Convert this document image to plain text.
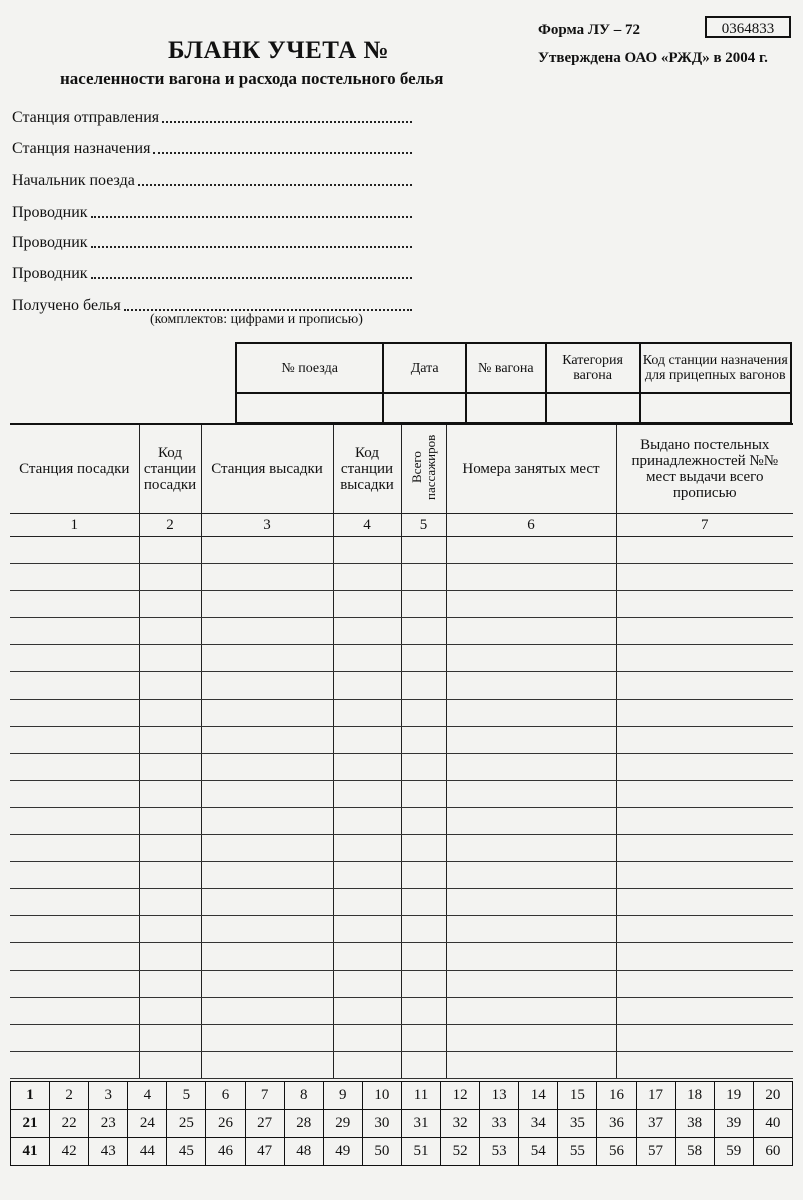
Форма ЛУ – 72	0364833
Утверждена ОАО «РЖД» в 2004 г.
БЛАНК УЧЕТА №
населенности вагона и расхода постельного белья
Станция отправления
Станция назначения
Начальник поезда
Проводник
Проводник
Проводник
Получено белья
(комплектов: цифрами и прописью)
№ поезда	Дата	№ вагона	Категория вагона	Код станции назначения для прицепных вагонов

Станция посадки	Код станции посадки	Станция высадки	Код станции высадки	Всего пассажиров	Номера занятых мест	Выдано постельных принадлежностей №№ мест выдачи всего прописью
1	2	3	4	5	6	7

1	2	3	4	5	6	7	8	9	10	11	12	13	14	15	16	17	18	19	20
21	22	23	24	25	26	27	28	29	30	31	32	33	34	35	36	37	38	39	40
41	42	43	44	45	46	47	48	49	50	51	52	53	54	55	56	57	58	59	60
